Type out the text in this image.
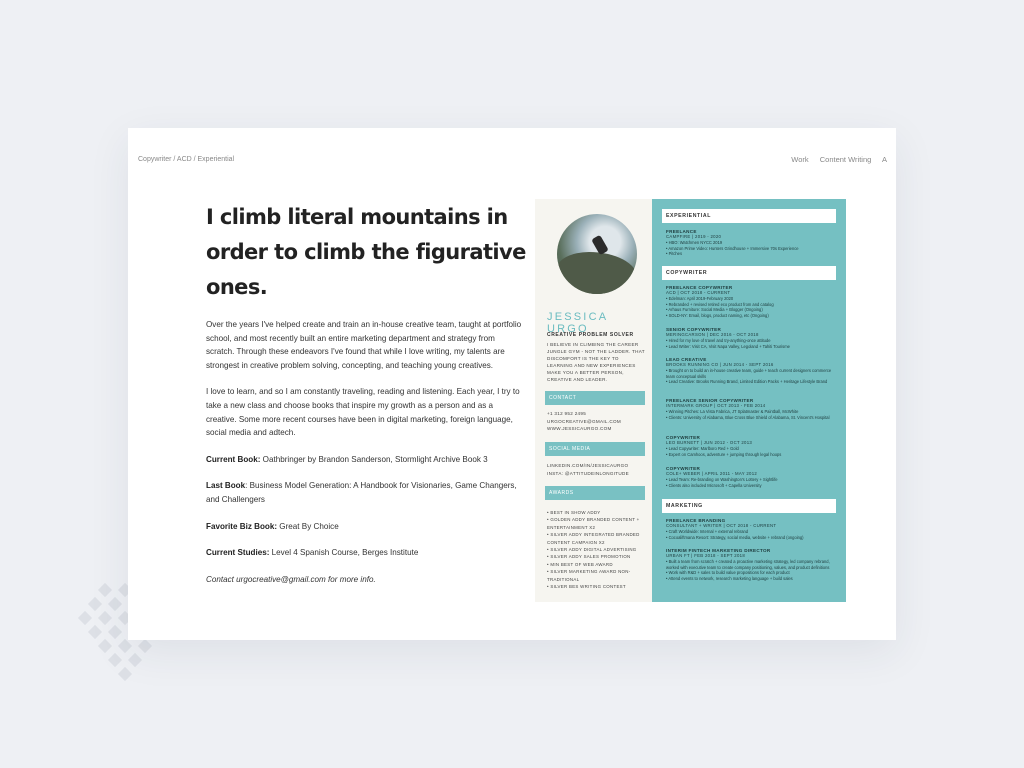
Copywriter / ACD / Experiential	Work Content Writing A
I climb literal mountains in order to climb the figurative ones.

Over the years I've helped create and train an in-house creative team, taught at portfolio school, and most recently built an entire marketing department and strategy from scratch. Through these endeavors I've found that while I love writing, my talents are strongest in creative problem solving, concepting, and teaching young creatives.

I love to learn, and so I am constantly traveling, reading and listening. Each year, I try to take a new class and choose books that inspire my growth as a person and as a creative. Some more recent courses have been in digital marketing, foreign language, social media and adtech.

Current Book: Oathbringer by Brandon Sanderson, Stormlight Archive Book 3

Last Book: Business Model Generation: A Handbook for Visionaries, Game Changers, and Challengers

Favorite Biz Book: Great By Choice

Current Studies: Level 4 Spanish Course, Berges Institute

Contact urgocreative@gmail.com for more info.

JESSICA URGO
CREATIVE PROBLEM SOLVER
I BELIEVE IN CLIMBING THE CAREER JUNGLE GYM - NOT THE LADDER. THAT DISCOMFORT IS THE KEY TO LEARNING AND NEW EXPERIENCES MAKE YOU A BETTER PERSON, CREATIVE AND LEADER.
CONTACT
+1 312 952 2495
URGOCREATIVE@GMAIL.COM
WWW.JESSICAURGO.COM
SOCIAL MEDIA
LINKEDIN.COM/IN/JESSICAURGO
INSTA: @ATTITUDEINLONGITUDE
AWARDS
• BEST IN SHOW ADDY
• GOLDEN ADDY BRANDED CONTENT + ENTERTAINMENT X2
• SILVER ADDY INTEGRATED BRANDED CONTENT CAMPAIGN X2
• SILVER ADDY DIGITAL ADVERTISING
• SILVER ADDY SALES PROMOTION
• MIN BEST OF WEB AWARD
• SILVER MARKETING AWARD NON-TRADITIONAL
• SILVER BES WRITING CONTEST
EXPERIENTIAL
FREELANCE
CAMPFIRE | 2019 - 2020
• HBO: Watchmen NYCC 2019
• Amazon Prime Video: Hunters Grindhouse + Immersive 70s Experience
• Pitches
COPYWRITER
FREELANCE COPYWRITER
ACD | OCT 2018 - CURRENT
• Edelman: April 2019-February 2020
• Rebranded + revised retired eco product from and catalog
• Arhaus Furniture: Social Media + Blogger (Ongoing)
• SOLD-NY: Email, blogs, product naming, etc (Ongoing)
SENIOR COPYWRITER
MERINGCARSON | DEC 2016 - OCT 2018
• Hired for my love of travel and try-anything-once attitude
• Lead Writer: Visit CA, Visit Napa Valley, Legoland + Tahiti Tourisme
LEAD CREATIVE
BROOKS RUNNING CO | JUN 2014 - SEPT 2016
• Brought on to build an in-house creative team, guide + teach current designers commerce team conceptual skills
• Lead Creative: Brooks Running Brand, Limited Edition Packs + Heritage Lifestyle Brand
FREELANCE SENIOR COPYWRITER
INTERMARK GROUP | OCT 2013 - FEB 2014
• Winning Pitches: La Vista Fabrica, JT Splatmaster & Paintball, McWhite
• Clients: University of Alabama, Blue Cross Blue Shield of Alabama, St. Vincent's Hospital
COPYWRITER
LEO BURNETT | JUN 2012 - OCT 2013
• Lead Copywriter: Marlboro Red + Gold
• Expert on Camhoos, adventure + jumping through legal hoops
COPYWRITER
COLE+ WEBER | APRIL 2011 - MAY 2012
• Lead Team: Re-branding on Washington's Lottery + Sightlife
• Clients also included Microsoft + Capella University
MARKETING
FREELANCE BRANDING
CONSULTANT + WRITER | OCT 2018 - CURRENT
• Craft Worldwide: Internal + external rebrand
• Cocoaliftmana Resort: Strategy, social media, website + rebrand (ongoing)
INTERIM FINTECH MARKETING DIRECTOR
URBAN FT | FEB 2018 - SEPT 2018
• Built a team from scratch + created a proactive marketing strategy, led company rebrand, worked with executive team to create company positioning, values, and product definitions
• Work with R&D + sales to build value propositions for each product
• Attend events to network, research marketing language + build sales
